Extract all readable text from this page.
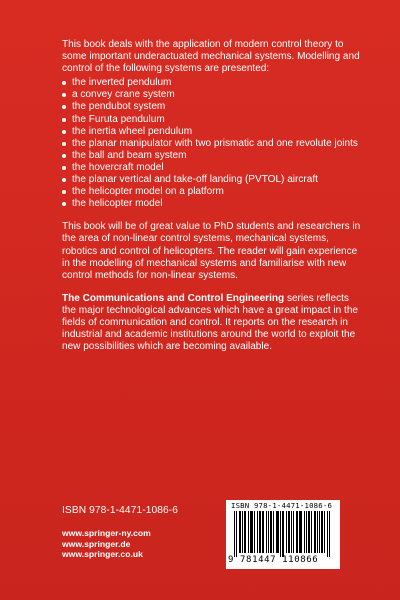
This book deals with the application of modern control theory to some important underactuated mechanical systems. Modelling and control of the following systems are presented:

the inverted pendulum
a convey crane system
the pendubot system
the Furuta pendulum
the inertia wheel pendulum
the planar manipulator with two prismatic and one revolute joints
the ball and beam system
the hovercraft model
the planar vertical and take-off landing (PVTOL) aircraft
the helicopter model on a platform
the helicopter model

This book will be of great value to PhD students and researchers in the area of non-linear control systems, mechanical systems, robotics and control of helicopters. The reader will gain experience in the modelling of mechanical systems and familiarise with new control methods for non-linear systems.

The Communications and Control Engineering series reflects the major technological advances which have a great impact in the fields of communication and control. It reports on the research in industrial and academic institutions around the world to exploit the new possibilities which are becoming available.

ISBN 978-1-4471-1086-6
www.springer-ny.com
www.springer.de
www.springer.co.uk
ISBN 978-1-4471-1086-6
9 781447 110866
